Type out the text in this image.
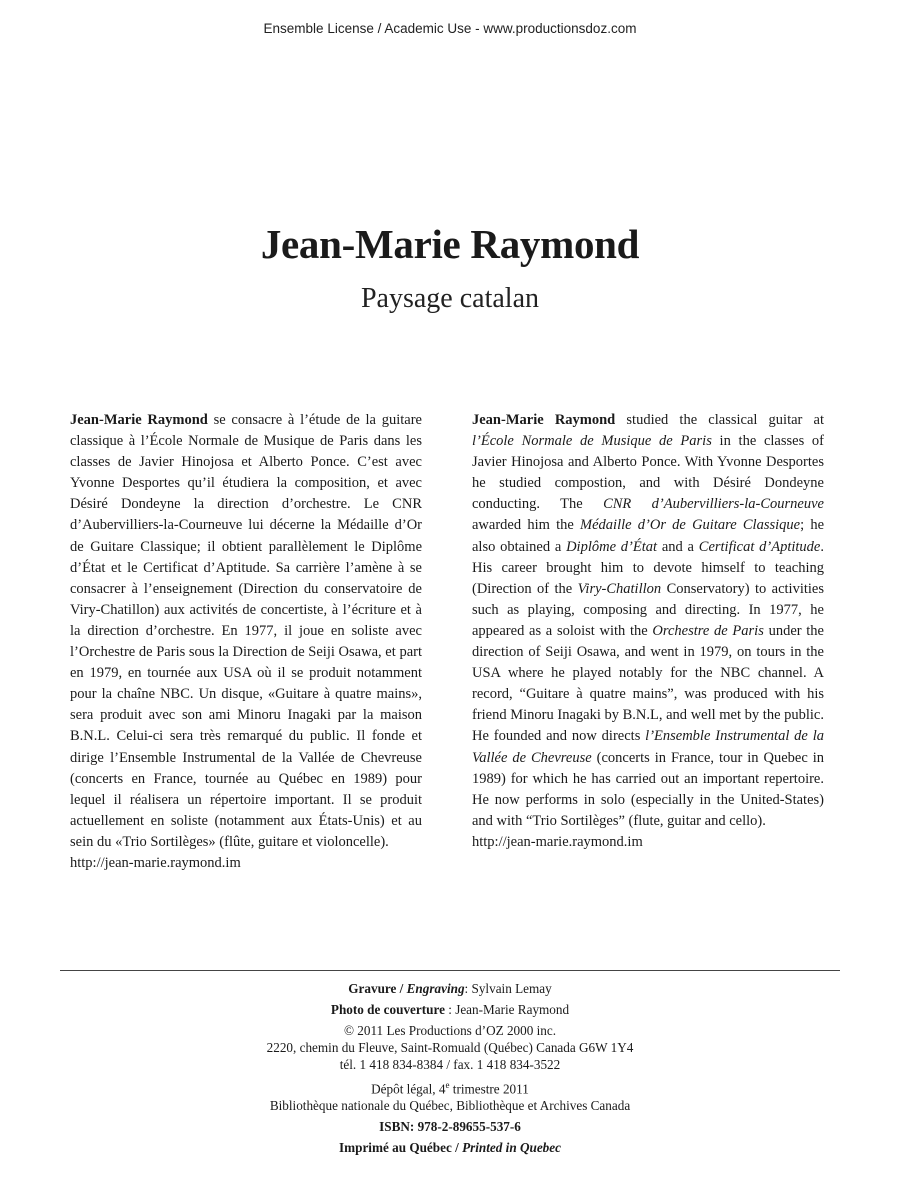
Ensemble License / Academic Use - www.productionsdoz.com
Jean-Marie Raymond
Paysage catalan

Jean-Marie Raymond se consacre à l’étude de la guitare classique à l’École Normale de Musique de Paris dans les classes de Javier Hinojosa et Alberto Ponce. C’est avec Yvonne Desportes qu’il étudiera la composition, et avec Désiré Dondeyne la direction d’orchestre. Le CNR d’Aubervilliers-la-Courneuve lui décerne la Médaille d’Or de Guitare Classique; il obtient parallèlement le Diplôme d’État et le Certificat d’Aptitude. Sa carrière l’amène à se consacrer à l’enseignement (Direction du conservatoire de Viry-Chatillon) aux activités de concertiste, à l’écriture et à la direction d’orchestre. En 1977, il joue en soliste avec l’Orchestre de Paris sous la Direction de Seiji Osawa, et part en 1979, en tournée aux USA où il se produit notamment pour la chaîne NBC. Un disque, «Guitare à quatre mains», sera produit avec son ami Minoru Inagaki par la maison B.N.L. Celui-ci sera très remarqué du public. Il fonde et dirige l’Ensemble Instrumental de la Vallée de Chevreuse (concerts en France, tournée au Québec en 1989) pour lequel il réalisera un répertoire important. Il se produit actuellement en soliste (notamment aux États-Unis) et au sein du «Trio Sortilèges» (flûte, guitare et violoncelle).

http://jean-marie.raymond.im

Jean-Marie Raymond studied the classical guitar at l’École Normale de Musique de Paris in the classes of Javier Hinojosa and Alberto Ponce. With Yvonne Desportes he studied compostion, and with Désiré Dondeyne conducting. The CNR d’Aubervilliers-la-Courneuve awarded him the Médaille d’Or de Guitare Classique; he also obtained a Diplôme d’État and a Certificat d’Aptitude. His career brought him to devote himself to teaching (Direction of the Viry-Chatillon Conservatory) to activities such as playing, composing and directing. In 1977, he appeared as a soloist with the Orchestre de Paris under the direction of Seiji Osawa, and went in 1979, on tours in the USA where he played notably for the NBC channel. A record, “Guitare à quatre mains”, was produced with his friend Minoru Inagaki by B.N.L, and well met by the public. He founded and now directs l’Ensemble Instrumental de la Vallée de Chevreuse (concerts in France, tour in Quebec in 1989) for which he has carried out an important repertoire. He now performs in solo (especially in the United-States) and with “Trio Sortilèges” (flute, guitar and cello).

http://jean-marie.raymond.im

Gravure / Engraving: Sylvain Lemay

Photo de couverture : Jean-Marie Raymond

© 2011 Les Productions d’OZ 2000 inc.

2220, chemin du Fleuve, Saint-Romuald (Québec) Canada G6W 1Y4

tél. 1 418 834-8384 / fax. 1 418 834-3522

Dépôt légal, 4e trimestre 2011

Bibliothèque nationale du Québec, Bibliothèque et Archives Canada

ISBN: 978-2-89655-537-6

Imprimé au Québec / Printed in Quebec
